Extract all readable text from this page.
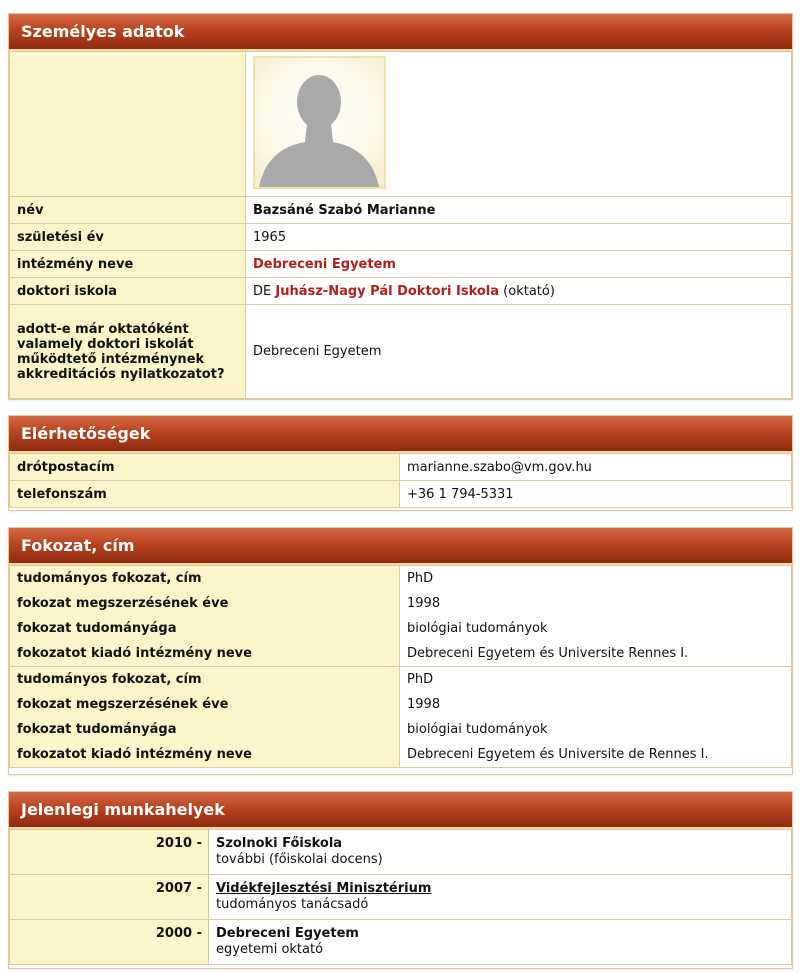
Személyes adatok

név	Bazsáné Szabó Marianne
születési év	1965
intézmény neve	Debreceni Egyetem
doktori iskola	DE Juhász-Nagy Pál Doktori Iskola (oktató)
adott-e már oktatóként valamely doktori iskolát működtető intézménynek akkreditációs nyilatkozatot?	Debreceni Egyetem
Elérhetőségek
drótpostacím	marianne.szabo@vm.gov.hu
telefonszám	+36 1 794-5331
Fokozat, cím
tudományos fokozat, cím	PhD
fokozat megszerzésének éve	1998
fokozat tudományága	biológiai tudományok
fokozatot kiadó intézmény neve	Debreceni Egyetem és Universite Rennes I.
tudományos fokozat, cím	PhD
fokozat megszerzésének éve	1998
fokozat tudományága	biológiai tudományok
fokozatot kiadó intézmény neve	Debreceni Egyetem és Universite de Rennes I.
Jelenlegi munkahelyek
2010 -	Szolnoki Főiskola
további (főiskolai docens)

2007 -	Vidékfejlesztési Minisztérium
tudományos tanácsadó

2000 -	Debreceni Egyetem
egyetemi oktató
